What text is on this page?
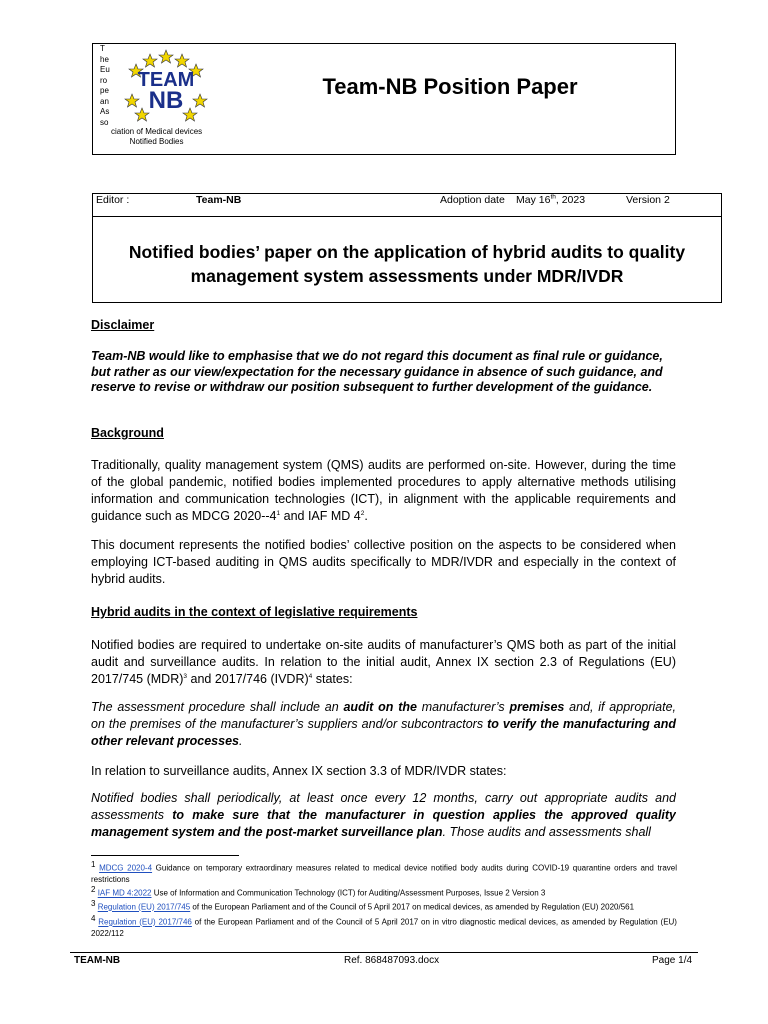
T
he
Eu
ro
pe
an
As
so
ciation of Medical devices
Notified Bodies
TEAM
NB
Team-NB Position Paper
Editor :	Team-NB	Adoption date May 16th, 2023	Version 2
Notified bodies’ paper on the application of hybrid audits to quality management system assessments under MDR/IVDR
Disclaimer
Team-NB would like to emphasise that we do not regard this document as final rule or guidance, but rather as our view/expectation for the necessary guidance in absence of such guidance, and reserve to revise or withdraw our position subsequent to further development of the guidance.
Background
Traditionally, quality management system (QMS) audits are performed on-site. However, during the time of the global pandemic, notified bodies implemented procedures to apply alternative methods utilising information and communication technologies (ICT), in alignment with the applicable requirements and guidance such as MDCG $2020--4^1$ and IAF MD $4^2$.
This document represents the notified bodies’ collective position on the aspects to be considered when employing ICT-based auditing in QMS audits specifically to MDR/IVDR and especially in the context of hybrid audits.
Hybrid audits in the context of legislative requirements
Notified bodies are required to undertake on-site audits of manufacturer’s QMS both as part of the initial audit and surveillance audits. In relation to the initial audit, Annex IX section 2.3 of Regulations (EU) 2017/745 (MDR)$^3$ and 2017/746 (IVDR)$^4$ states:
The assessment procedure shall include an audit on the manufacturer’s premises and, if appropriate, on the premises of the manufacturer’s suppliers and/or subcontractors to verify the manufacturing and other relevant processes.
In relation to surveillance audits, Annex IX section 3.3 of MDR/IVDR states:
Notified bodies shall periodically, at least once every 12 months, carry out appropriate audits and assessments to make sure that the manufacturer in question applies the approved quality management system and the post-market surveillance plan. Those audits and assessments shall
1 MDCG 2020-4 Guidance on temporary extraordinary measures related to medical device notified body audits during COVID-19 quarantine orders and travel restrictions
2 IAF MD 4:2022 Use of Information and Communication Technology (ICT) for Auditing/Assessment Purposes, Issue 2 Version 3
3 Regulation (EU) 2017/745 of the European Parliament and of the Council of 5 April 2017 on medical devices, as amended by Regulation (EU) 2020/561
4 Regulation (EU) 2017/746 of the European Parliament and of the Council of 5 April 2017 on in vitro diagnostic medical devices, as amended by Regulation (EU) 2022/112
TEAM-NB	Ref. 868487093.docx	Page 1/4
